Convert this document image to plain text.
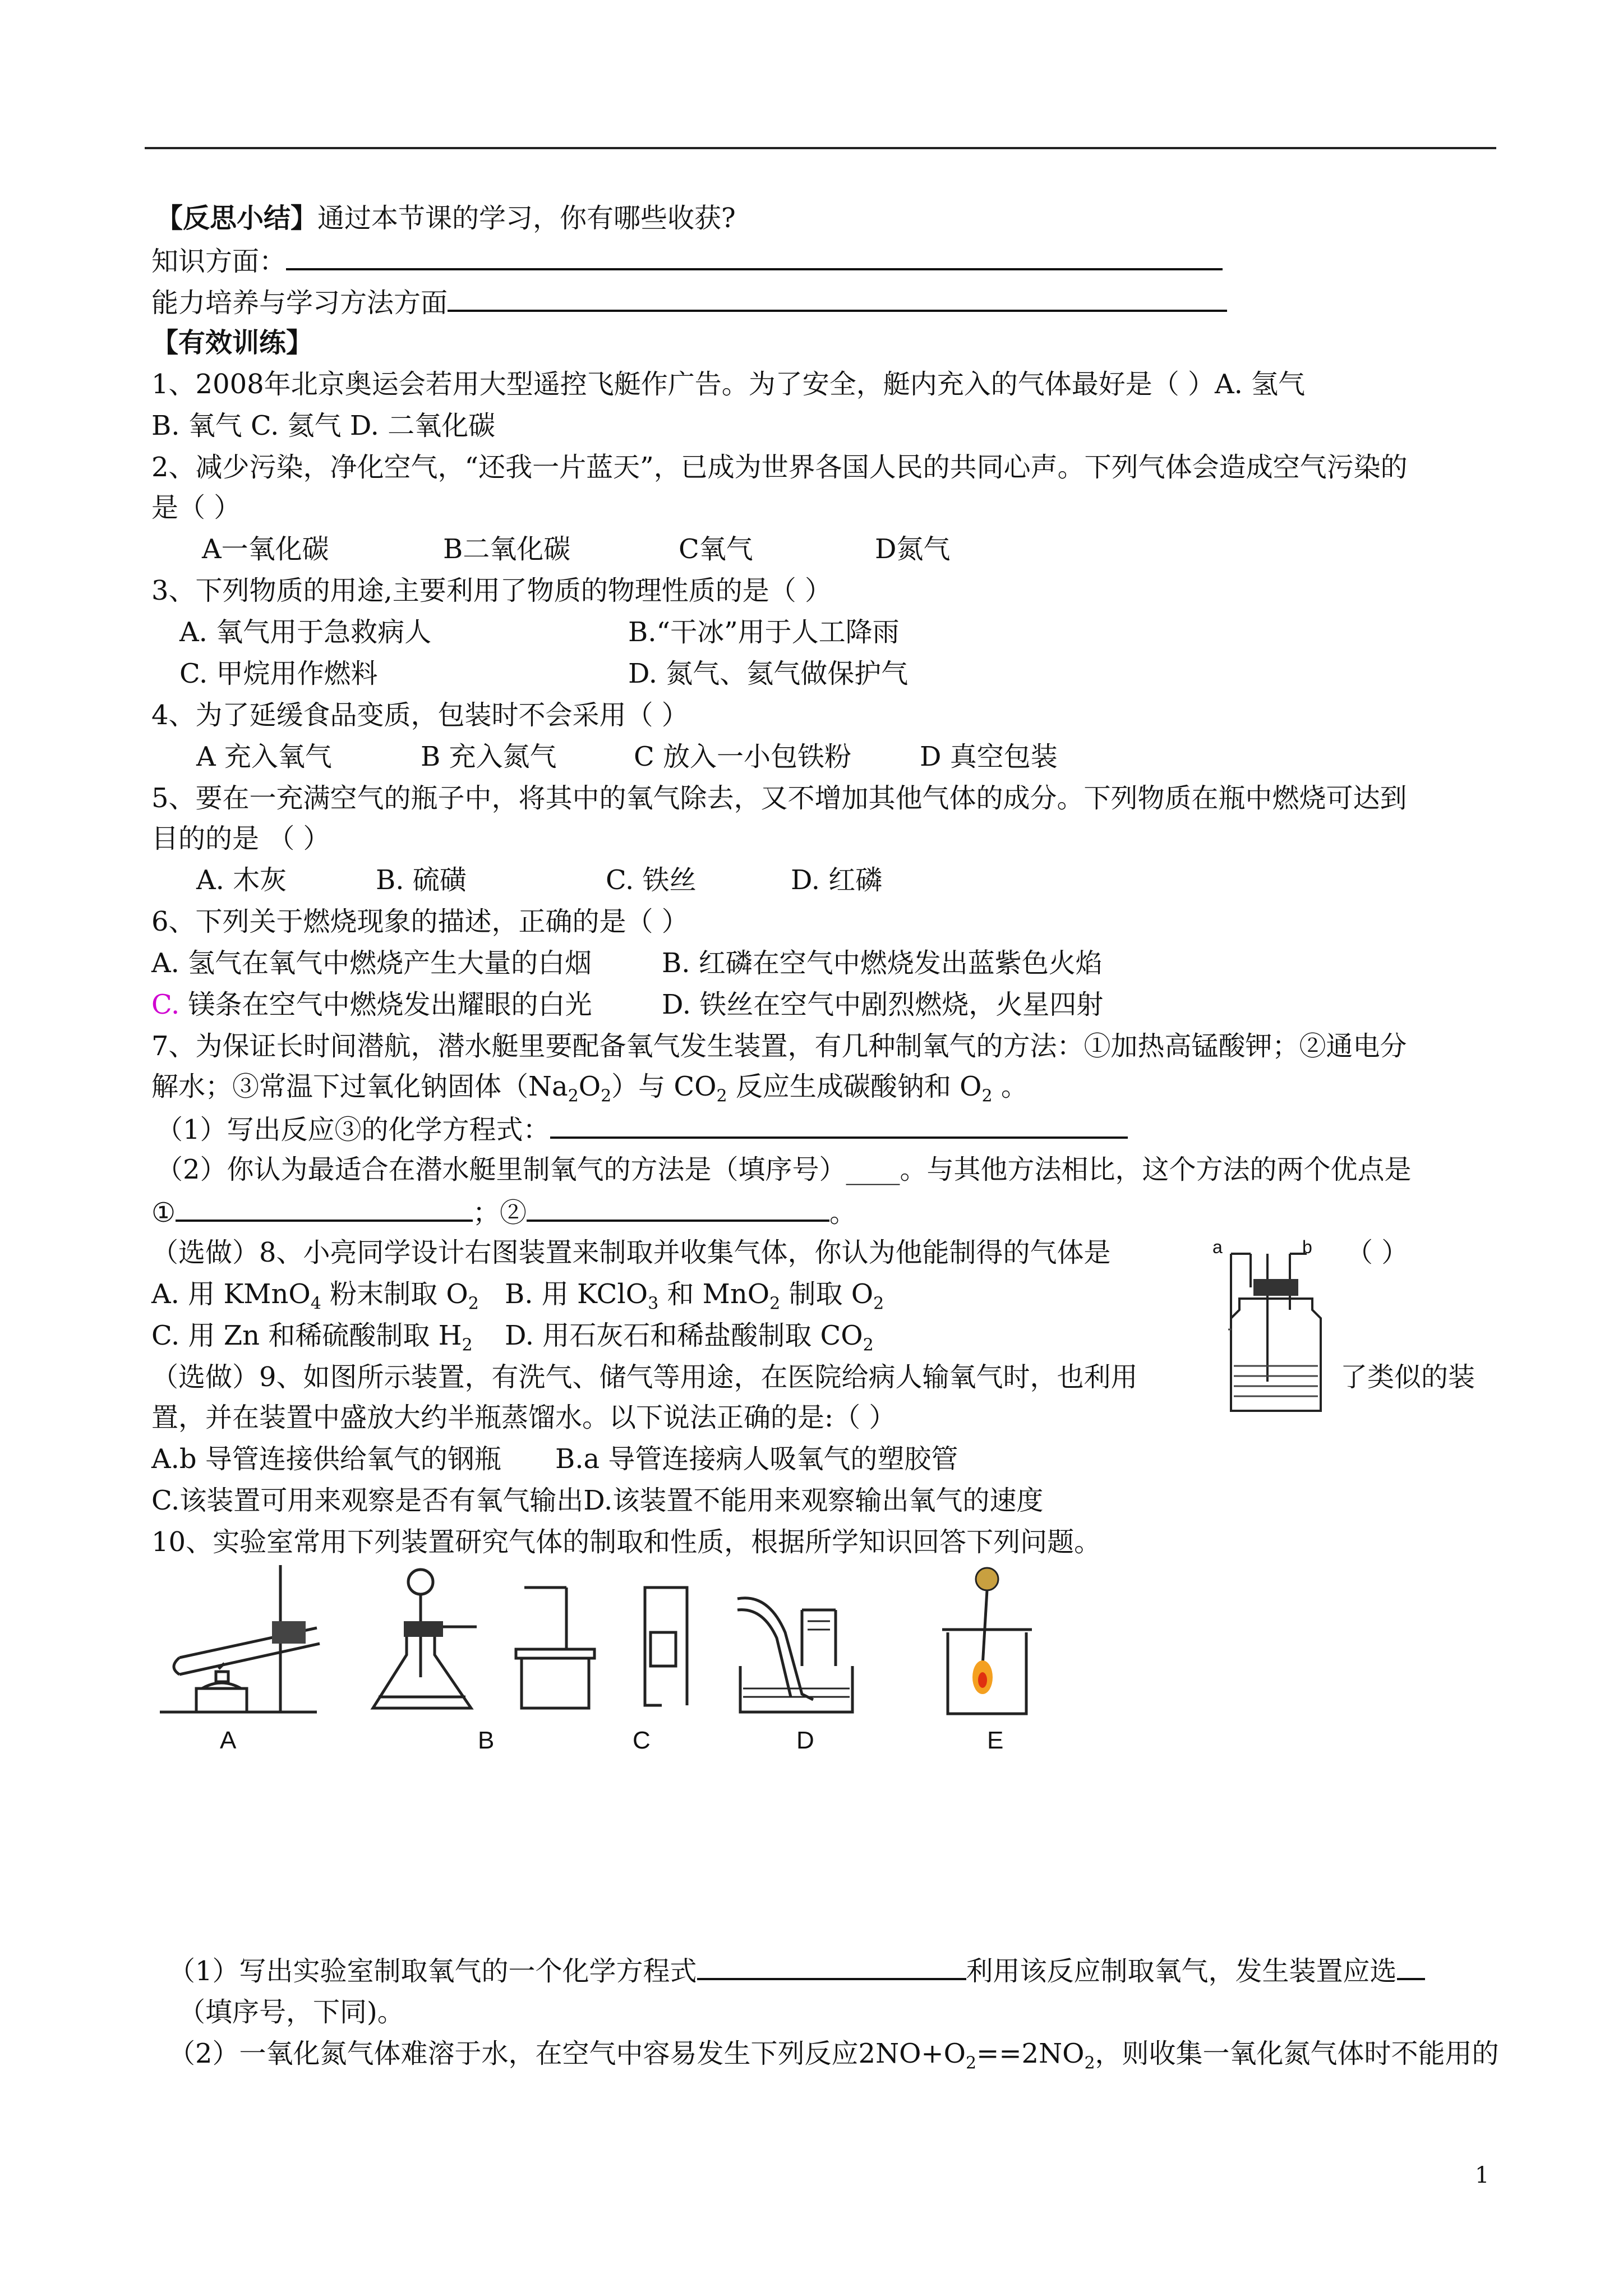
【反思小结】通过本节课的学习，你有哪些收获?
知识方面：
能力培养与学习方法方面
【有效训练】
1、2008年北京奥运会若用大型遥控飞艇作广告。为了安全，艇内充入的气体最好是（ ）A. 氢气
B. 氧气 C. 氦气 D. 二氧化碳
2、减少污染，净化空气，“还我一片蓝天”，已成为世界各国人民的共同心声。下列气体会造成空气污染的
是（ ）
A一氧化碳	B二氧化碳	C氧气	D氮气
3、下列物质的用途,主要利用了物质的物理性质的是（ ）
A. 氧气用于急救病人	B.“干冰”用于人工降雨
C. 甲烷用作燃料	D. 氮气、氦气做保护气
4、为了延缓食品变质，包装时不会采用（ ）
A 充入氧气	B 充入氮气	C 放入一小包铁粉	D 真空包装
5、要在一充满空气的瓶子中，将其中的氧气除去，又不增加其他气体的成分。下列物质在瓶中燃烧可达到
目的的是 （ ）
A. 木灰	B. 硫磺	C. 铁丝	D. 红磷
6、下列关于燃烧现象的描述，正确的是（ ）
A. 氢气在氧气中燃烧产生大量的白烟	B. 红磷在空气中燃烧发出蓝紫色火焰
C. 镁条在空气中燃烧发出耀眼的白光	D. 铁丝在空气中剧烈燃烧，火星四射
7、为保证长时间潜航，潜水艇里要配备氧气发生装置，有几种制氧气的方法：①加热高锰酸钾；②通电分
解水；③常温下过氧化钠固体$(Na_2O_2)$与 $CO_2$ 反应生成碳酸钠和 $O_2$ 。
（1）写出反应③的化学方程式：
（2）你认为最适合在潜水艇里制氧气的方法是（填序号）____。与其他方法相比，这个方法的两个优点是
①	；②	。
（选做）8、小亮同学设计右图装置来制取并收集气体，你认为他能制得的气体是	（ ）
A. 用 KMnO$_4$ 粉末制取 $O_2$ B. 用 KClO$_3$ 和 MnO$_2$ 制取 $O_2$
C. 用 Zn 和稀硫酸制取 $H_2$ D. 用石灰石和稀盐酸制取 $CO_2$
（选做）9、如图所示装置，有洗气、储气等用途，在医院给病人输氧气时，也利用	了类似的装
置，并在装置中盛放大约半瓶蒸馏水。以下说法正确的是:（ ）
A.b 导管连接供给氧气的钢瓶 B.a 导管连接病人吸氧气的塑胶管
C.该装置可用来观察是否有氧气输出D.该装置不能用来观察输出氧气的速度
a	b
10、实验室常用下列装置研究气体的制取和性质，根据所学知识回答下列问题。
A	B	C	D	E
（1）写出实验室制取氧气的一个化学方程式	利用该反应制取氧气，发生装置应选
（填序号，下同)。
（2）一氧化氮气体难溶于水，在空气中容易发生下列反应$2NO+O_2==2NO_2$，则收集一氧化氮气体时不能用的
1
